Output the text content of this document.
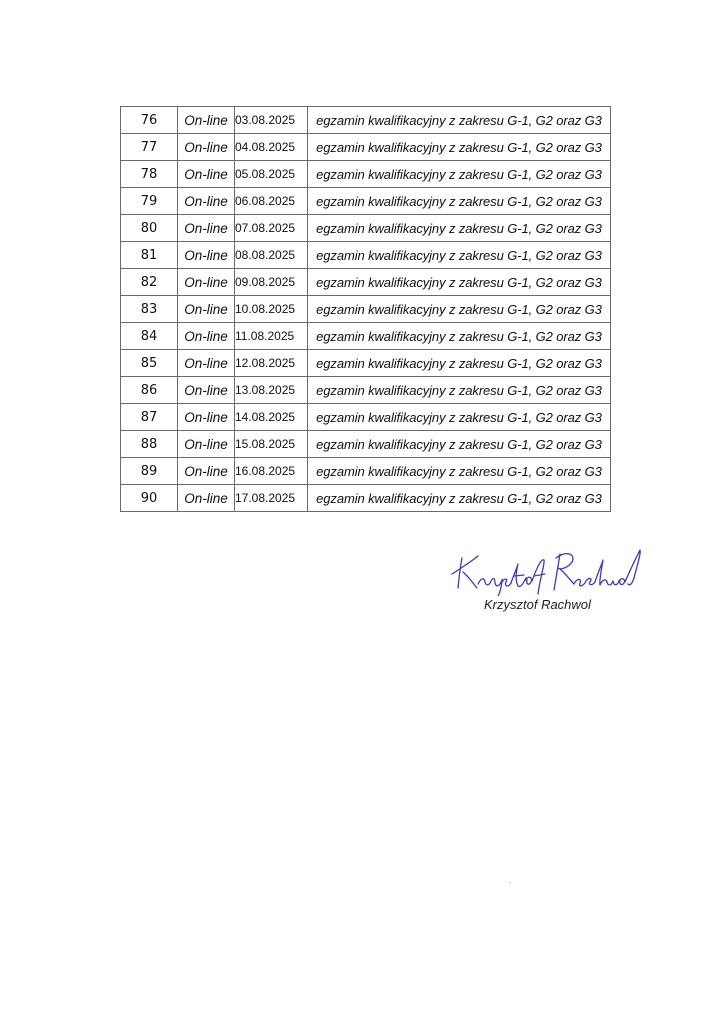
76	On-line	03.08.2025	egzamin kwalifikacyjny z zakresu G-1, G2 oraz G3
77	On-line	04.08.2025	egzamin kwalifikacyjny z zakresu G-1, G2 oraz G3
78	On-line	05.08.2025	egzamin kwalifikacyjny z zakresu G-1, G2 oraz G3
79	On-line	06.08.2025	egzamin kwalifikacyjny z zakresu G-1, G2 oraz G3
80	On-line	07.08.2025	egzamin kwalifikacyjny z zakresu G-1, G2 oraz G3
81	On-line	08.08.2025	egzamin kwalifikacyjny z zakresu G-1, G2 oraz G3
82	On-line	09.08.2025	egzamin kwalifikacyjny z zakresu G-1, G2 oraz G3
83	On-line	10.08.2025	egzamin kwalifikacyjny z zakresu G-1, G2 oraz G3
84	On-line	11.08.2025	egzamin kwalifikacyjny z zakresu G-1, G2 oraz G3
85	On-line	12.08.2025	egzamin kwalifikacyjny z zakresu G-1, G2 oraz G3
86	On-line	13.08.2025	egzamin kwalifikacyjny z zakresu G-1, G2 oraz G3
87	On-line	14.08.2025	egzamin kwalifikacyjny z zakresu G-1, G2 oraz G3
88	On-line	15.08.2025	egzamin kwalifikacyjny z zakresu G-1, G2 oraz G3
89	On-line	16.08.2025	egzamin kwalifikacyjny z zakresu G-1, G2 oraz G3
90	On-line	17.08.2025	egzamin kwalifikacyjny z zakresu G-1, G2 oraz G3
Krzysztof Rachwol
